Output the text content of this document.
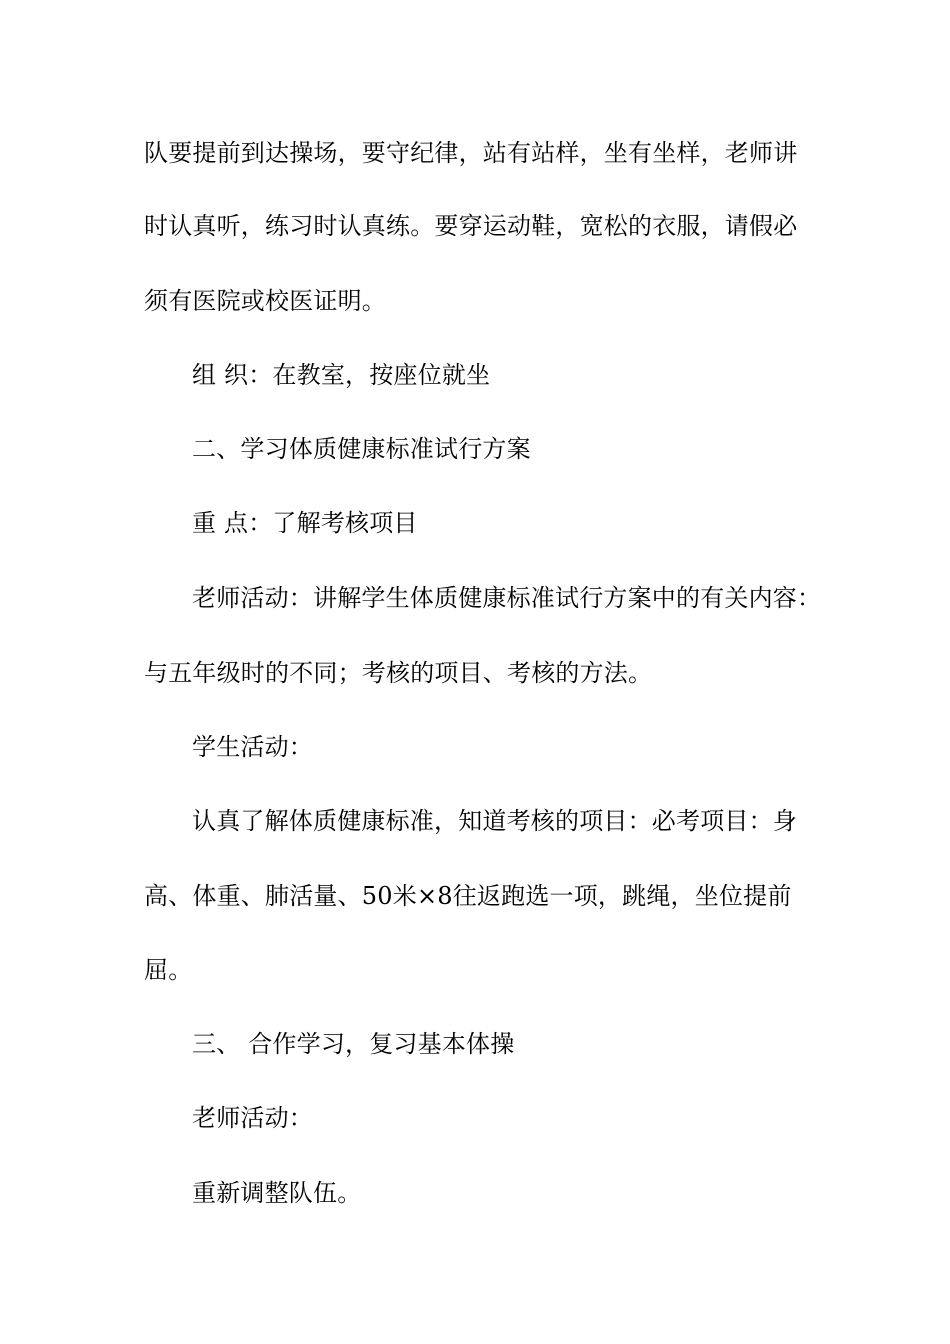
队要提前到达操场，要守纪律，站有站样，坐有坐样，老师讲
时认真听，练习时认真练。要穿运动鞋，宽松的衣服，请假必
须有医院或校医证明。
组 织：在教室，按座位就坐
二、学习体质健康标准试行方案
重 点：了解考核项目
老师活动：讲解学生体质健康标准试行方案中的有关内容：
与五年级时的不同；考核的项目、考核的方法。
学生活动：
认真了解体质健康标准，知道考核的项目：必考项目：身
高、体重、肺活量、50米×8往返跑选一项，跳绳，坐位提前
屈。
三、 合作学习，复习基本体操
老师活动：
重新调整队伍。
